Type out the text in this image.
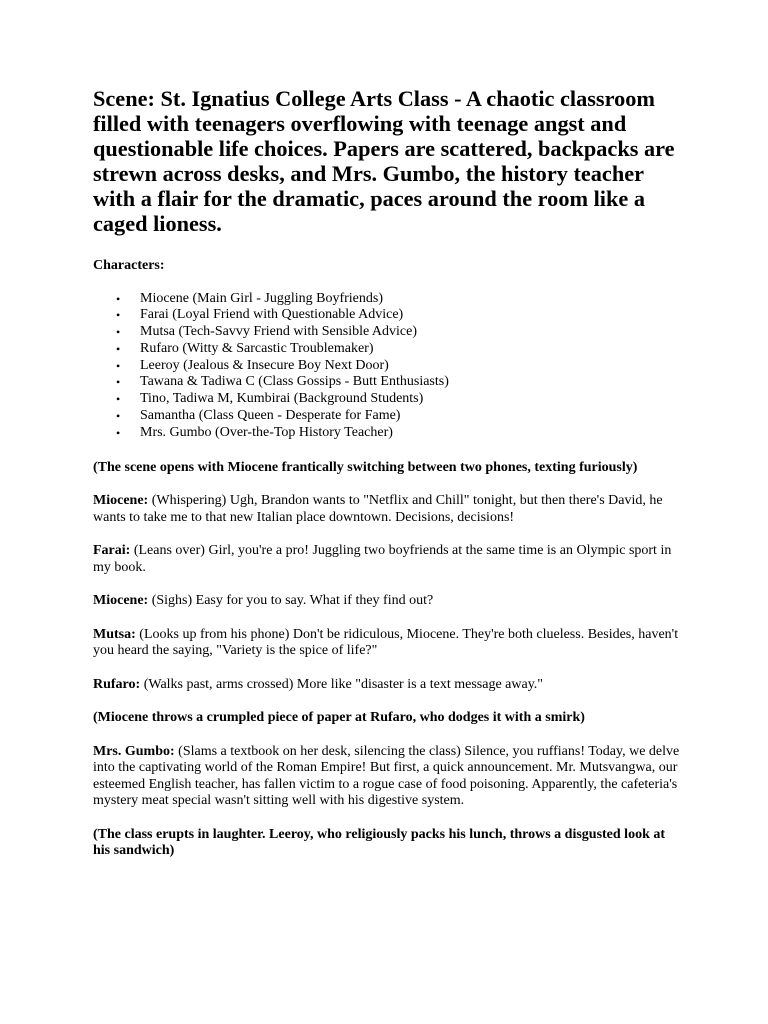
Scene: St. Ignatius College Arts Class - A chaotic classroom filled with teenagers overflowing with teenage angst and questionable life choices. Papers are scattered, backpacks are strewn across desks, and Mrs. Gumbo, the history teacher with a flair for the dramatic, paces around the room like a caged lioness.
Characters:
• Miocene (Main Girl - Juggling Boyfriends)
• Farai (Loyal Friend with Questionable Advice)
• Mutsa (Tech-Savvy Friend with Sensible Advice)
• Rufaro (Witty & Sarcastic Troublemaker)
• Leeroy (Jealous & Insecure Boy Next Door)
• Tawana & Tadiwa C (Class Gossips - Butt Enthusiasts)
• Tino, Tadiwa M, Kumbirai (Background Students)
• Samantha (Class Queen - Desperate for Fame)
• Mrs. Gumbo (Over-the-Top History Teacher)

(The scene opens with Miocene frantically switching between two phones, texting furiously)

Miocene: (Whispering) Ugh, Brandon wants to "Netflix and Chill" tonight, but then there's David, he wants to take me to that new Italian place downtown. Decisions, decisions!

Farai: (Leans over) Girl, you're a pro! Juggling two boyfriends at the same time is an Olympic sport in my book.

Miocene: (Sighs) Easy for you to say. What if they find out?

Mutsa: (Looks up from his phone) Don't be ridiculous, Miocene. They're both clueless. Besides, haven't you heard the saying, "Variety is the spice of life?"

Rufaro: (Walks past, arms crossed) More like "disaster is a text message away."

(Miocene throws a crumpled piece of paper at Rufaro, who dodges it with a smirk)

Mrs. Gumbo: (Slams a textbook on her desk, silencing the class) Silence, you ruffians! Today, we delve into the captivating world of the Roman Empire! But first, a quick announcement. Mr. Mutsvangwa, our esteemed English teacher, has fallen victim to a rogue case of food poisoning. Apparently, the cafeteria's mystery meat special wasn't sitting well with his digestive system.

(The class erupts in laughter. Leeroy, who religiously packs his lunch, throws a disgusted look at his sandwich)
